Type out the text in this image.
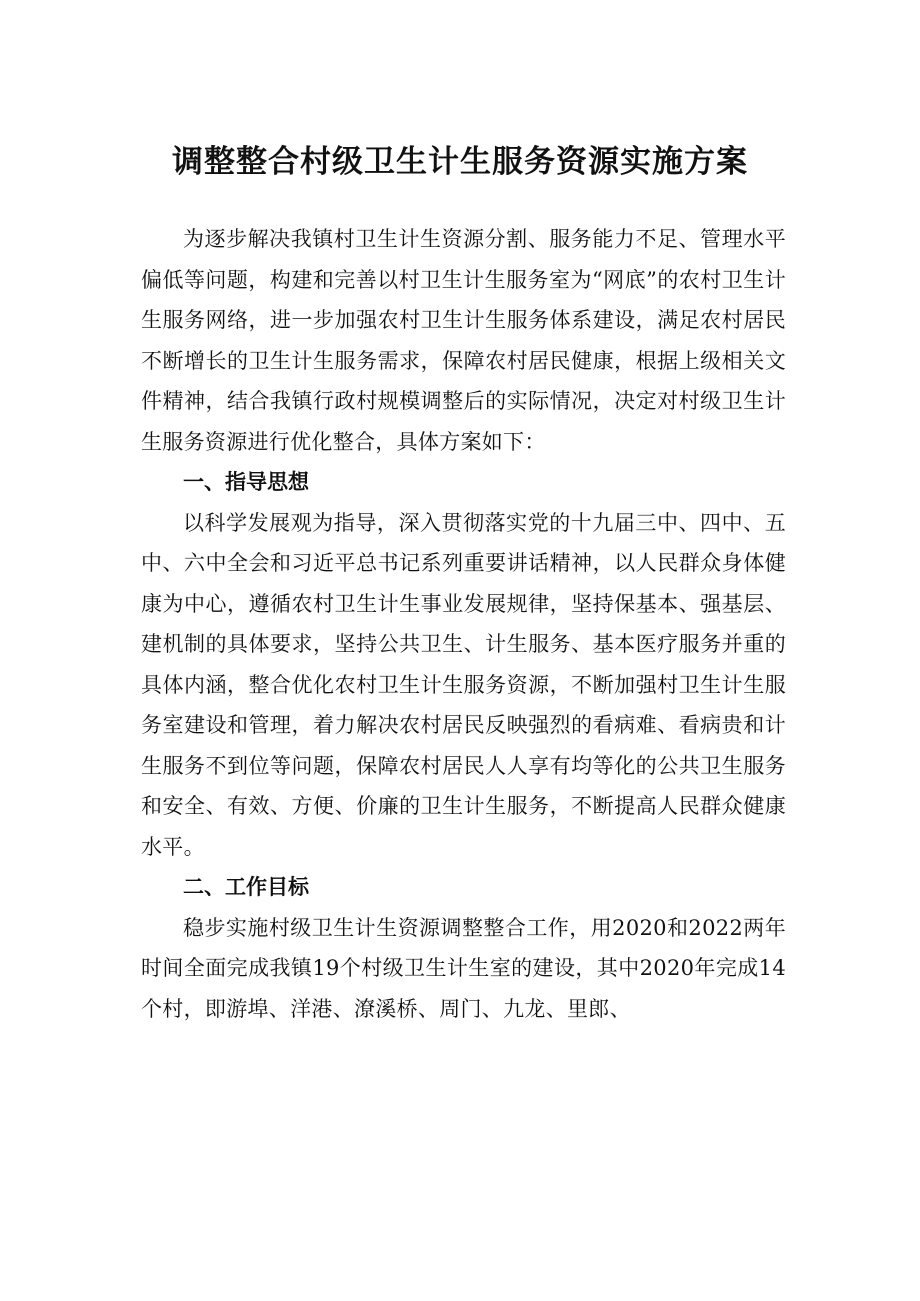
调整整合村级卫生计生服务资源实施方案

为逐步解决我镇村卫生计生资源分割、服务能力不足、管理水平偏低等问题，构建和完善以村卫生计生服务室为“网底”的农村卫生计生服务网络，进一步加强农村卫生计生服务体系建设，满足农村居民不断增长的卫生计生服务需求，保障农村居民健康，根据上级相关文件精神，结合我镇行政村规模调整后的实际情况，决定对村级卫生计生服务资源进行优化整合，具体方案如下：

一、指导思想

以科学发展观为指导，深入贯彻落实党的十九届三中、四中、五中、六中全会和习近平总书记系列重要讲话精神，以人民群众身体健康为中心，遵循农村卫生计生事业发展规律，坚持保基本、强基层、建机制的具体要求，坚持公共卫生、计生服务、基本医疗服务并重的具体内涵，整合优化农村卫生计生服务资源，不断加强村卫生计生服务室建设和管理，着力解决农村居民反映强烈的看病难、看病贵和计生服务不到位等问题，保障农村居民人人享有均等化的公共卫生服务和安全、有效、方便、价廉的卫生计生服务，不断提高人民群众健康水平。

二、工作目标

稳步实施村级卫生计生资源调整整合工作，用2020和2022两年时间全面完成我镇19个村级卫生计生室的建设，其中2020年完成14个村，即游埠、洋港、潦溪桥、周门、九龙、里郎、
